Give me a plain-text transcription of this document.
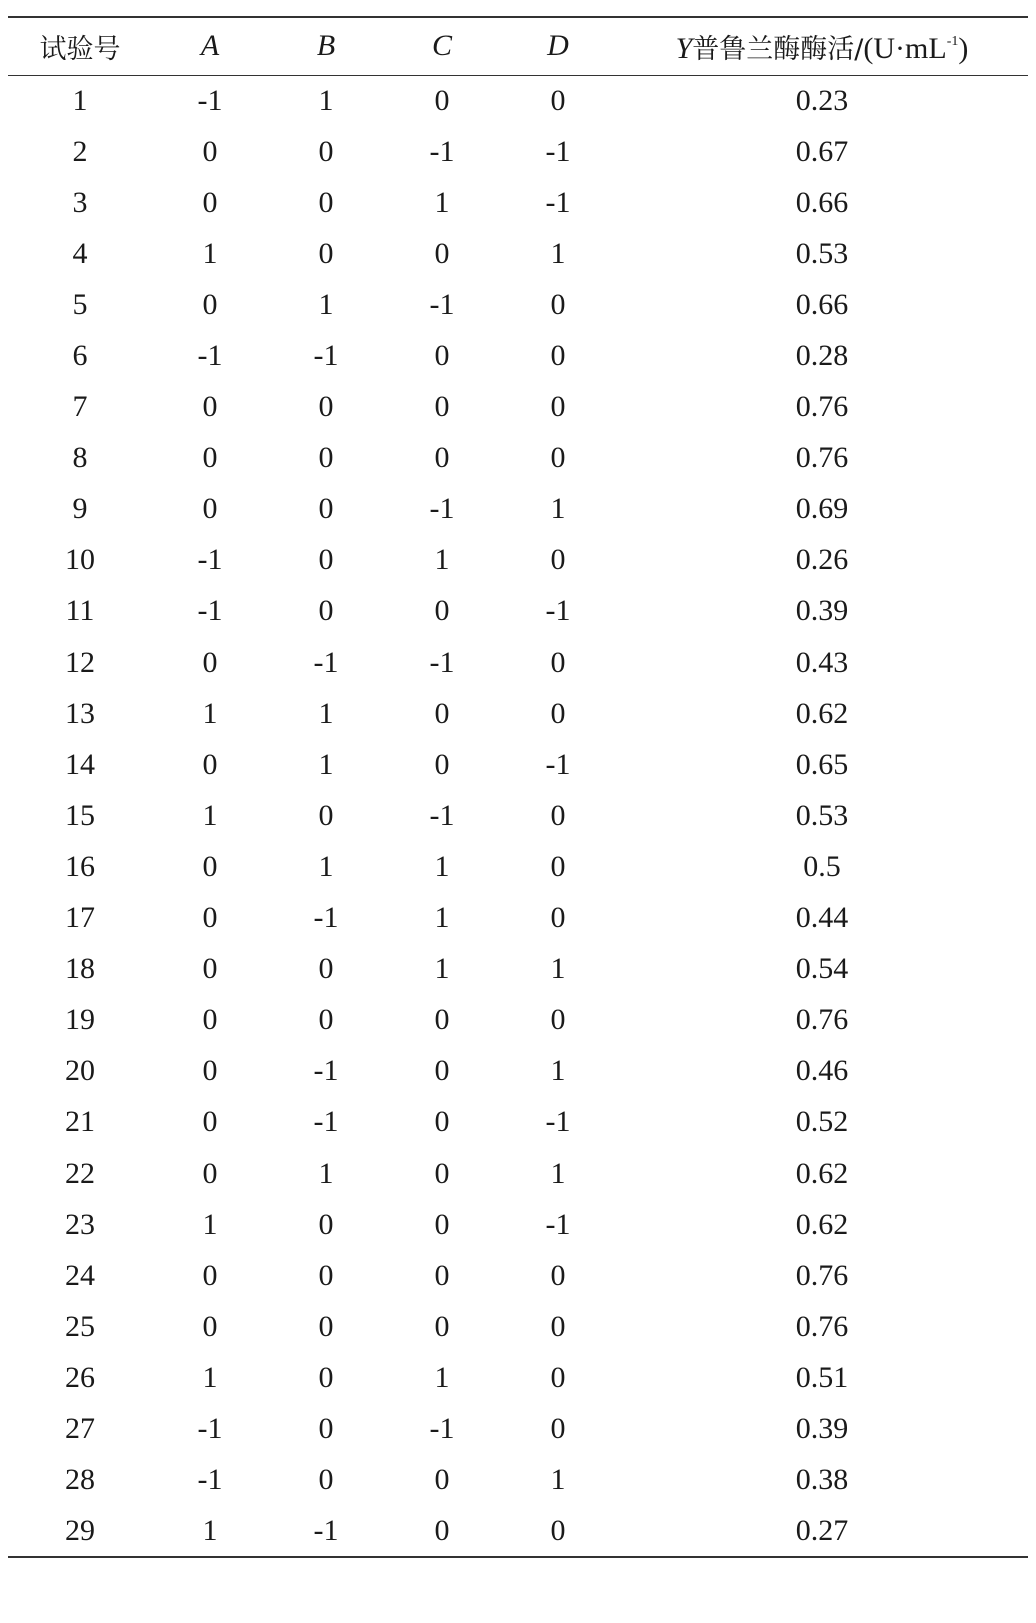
试验号	A	B	C	D	Y普鲁兰酶酶活$/(U\cdot mL^{-1})$
1	-1	1	0	0	0.23
2	0	0	-1	-1	0.67
3	0	0	1	-1	0.66
4	1	0	0	1	0.53
5	0	1	-1	0	0.66
6	-1	-1	0	0	0.28
7	0	0	0	0	0.76
8	0	0	0	0	0.76
9	0	0	-1	1	0.69
10	-1	0	1	0	0.26
11	-1	0	0	-1	0.39
12	0	-1	-1	0	0.43
13	1	1	0	0	0.62
14	0	1	0	-1	0.65
15	1	0	-1	0	0.53
16	0	1	1	0	0.5
17	0	-1	1	0	0.44
18	0	0	1	1	0.54
19	0	0	0	0	0.76
20	0	-1	0	1	0.46
21	0	-1	0	-1	0.52
22	0	1	0	1	0.62
23	1	0	0	-1	0.62
24	0	0	0	0	0.76
25	0	0	0	0	0.76
26	1	0	1	0	0.51
27	-1	0	-1	0	0.39
28	-1	0	0	1	0.38
29	1	-1	0	0	0.27
